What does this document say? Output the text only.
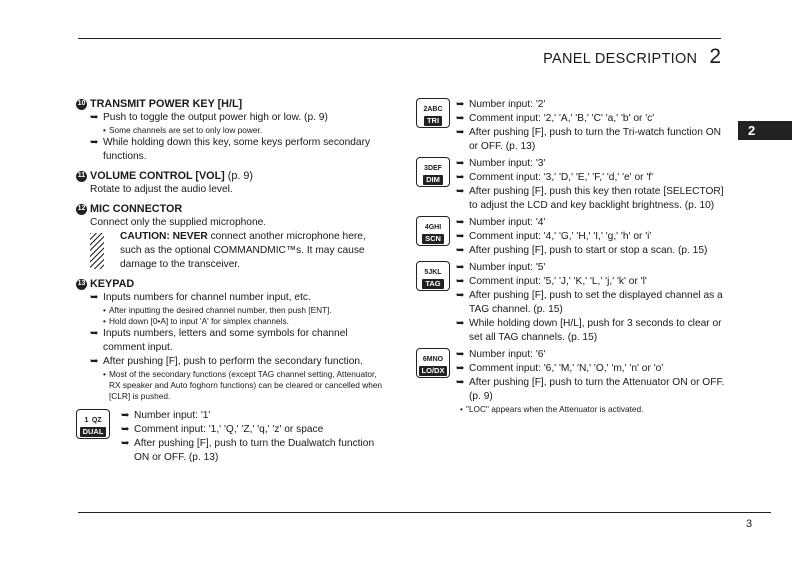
PANEL DESCRIPTION 2
2
10 TRANSMIT POWER KEY [H/L]
➥ Push to toggle the output power high or low. (p. 9)
• Some channels are set to only low power.
➥ While holding down this key, some keys perform secondary functions.
11 VOLUME CONTROL [VOL] (p. 9)
Rotate to adjust the audio level.
12 MIC CONNECTOR
Connect only the supplied microphone.
CAUTION: NEVER connect another microphone here, such as the optional COMMANDMIC™s. It may cause damage to the transceiver.
13 KEYPAD
➥ Inputs numbers for channel number input, etc.
• After inputting the desired channel number, then push [ENT].
• Hold down [0•A] to input 'A' for simplex channels.
➥ Inputs numbers, letters and some symbols for channel comment input.
➥ After pushing [F], push to perform the secondary function.
• Most of the secondary functions (except TAG channel setting, Attenuator, RX speaker and Auto foghorn functions) can be cleared or cancelled when [CLR] is pushed.
1 QZ
DUAL
➥ Number input: '1'
➥ Comment input: '1,' 'Q,' 'Z,' 'q,' 'z' or space
➥ After pushing [F], push to turn the Dualwatch function ON or OFF. (p. 13)
2ABC
TRI
➥ Number input: '2'
➥ Comment input: '2,' 'A,' 'B,' 'C' 'a,' 'b' or 'c'
➥ After pushing [F], push to turn the Tri-watch function ON or OFF. (p. 13)
3DEF
DIM
➥ Number input: '3'
➥ Comment input: '3,' 'D,' 'E,' 'F,' 'd,' 'e' or 'f'
➥ After pushing [F], push this key then rotate [SELECTOR] to adjust the LCD and key backlight brightness. (p. 10)
4GHI
SCN
➥ Number input: '4'
➥ Comment input: '4,' 'G,' 'H,' 'I,' 'g,' 'h' or 'i'
➥ After pushing [F], push to start or stop a scan. (p. 15)
5JKL
TAG
➥ Number input: '5'
➥ Comment input: '5,' 'J,' 'K,' 'L,' 'j,' 'k' or 'l'
➥ After pushing [F], push to set the displayed channel as a TAG channel. (p. 15)
➥ While holding down [H/L], push for 3 seconds to clear or set all TAG channels. (p. 15)
6MNO
LO/DX
➥ Number input: '6'
➥ Comment input: '6,' 'M,' 'N,' 'O,' 'm,' 'n' or 'o'
➥ After pushing [F], push to turn the Attenuator ON or OFF. (p. 9)
• "LOC" appears when the Attenuator is activated.
3
